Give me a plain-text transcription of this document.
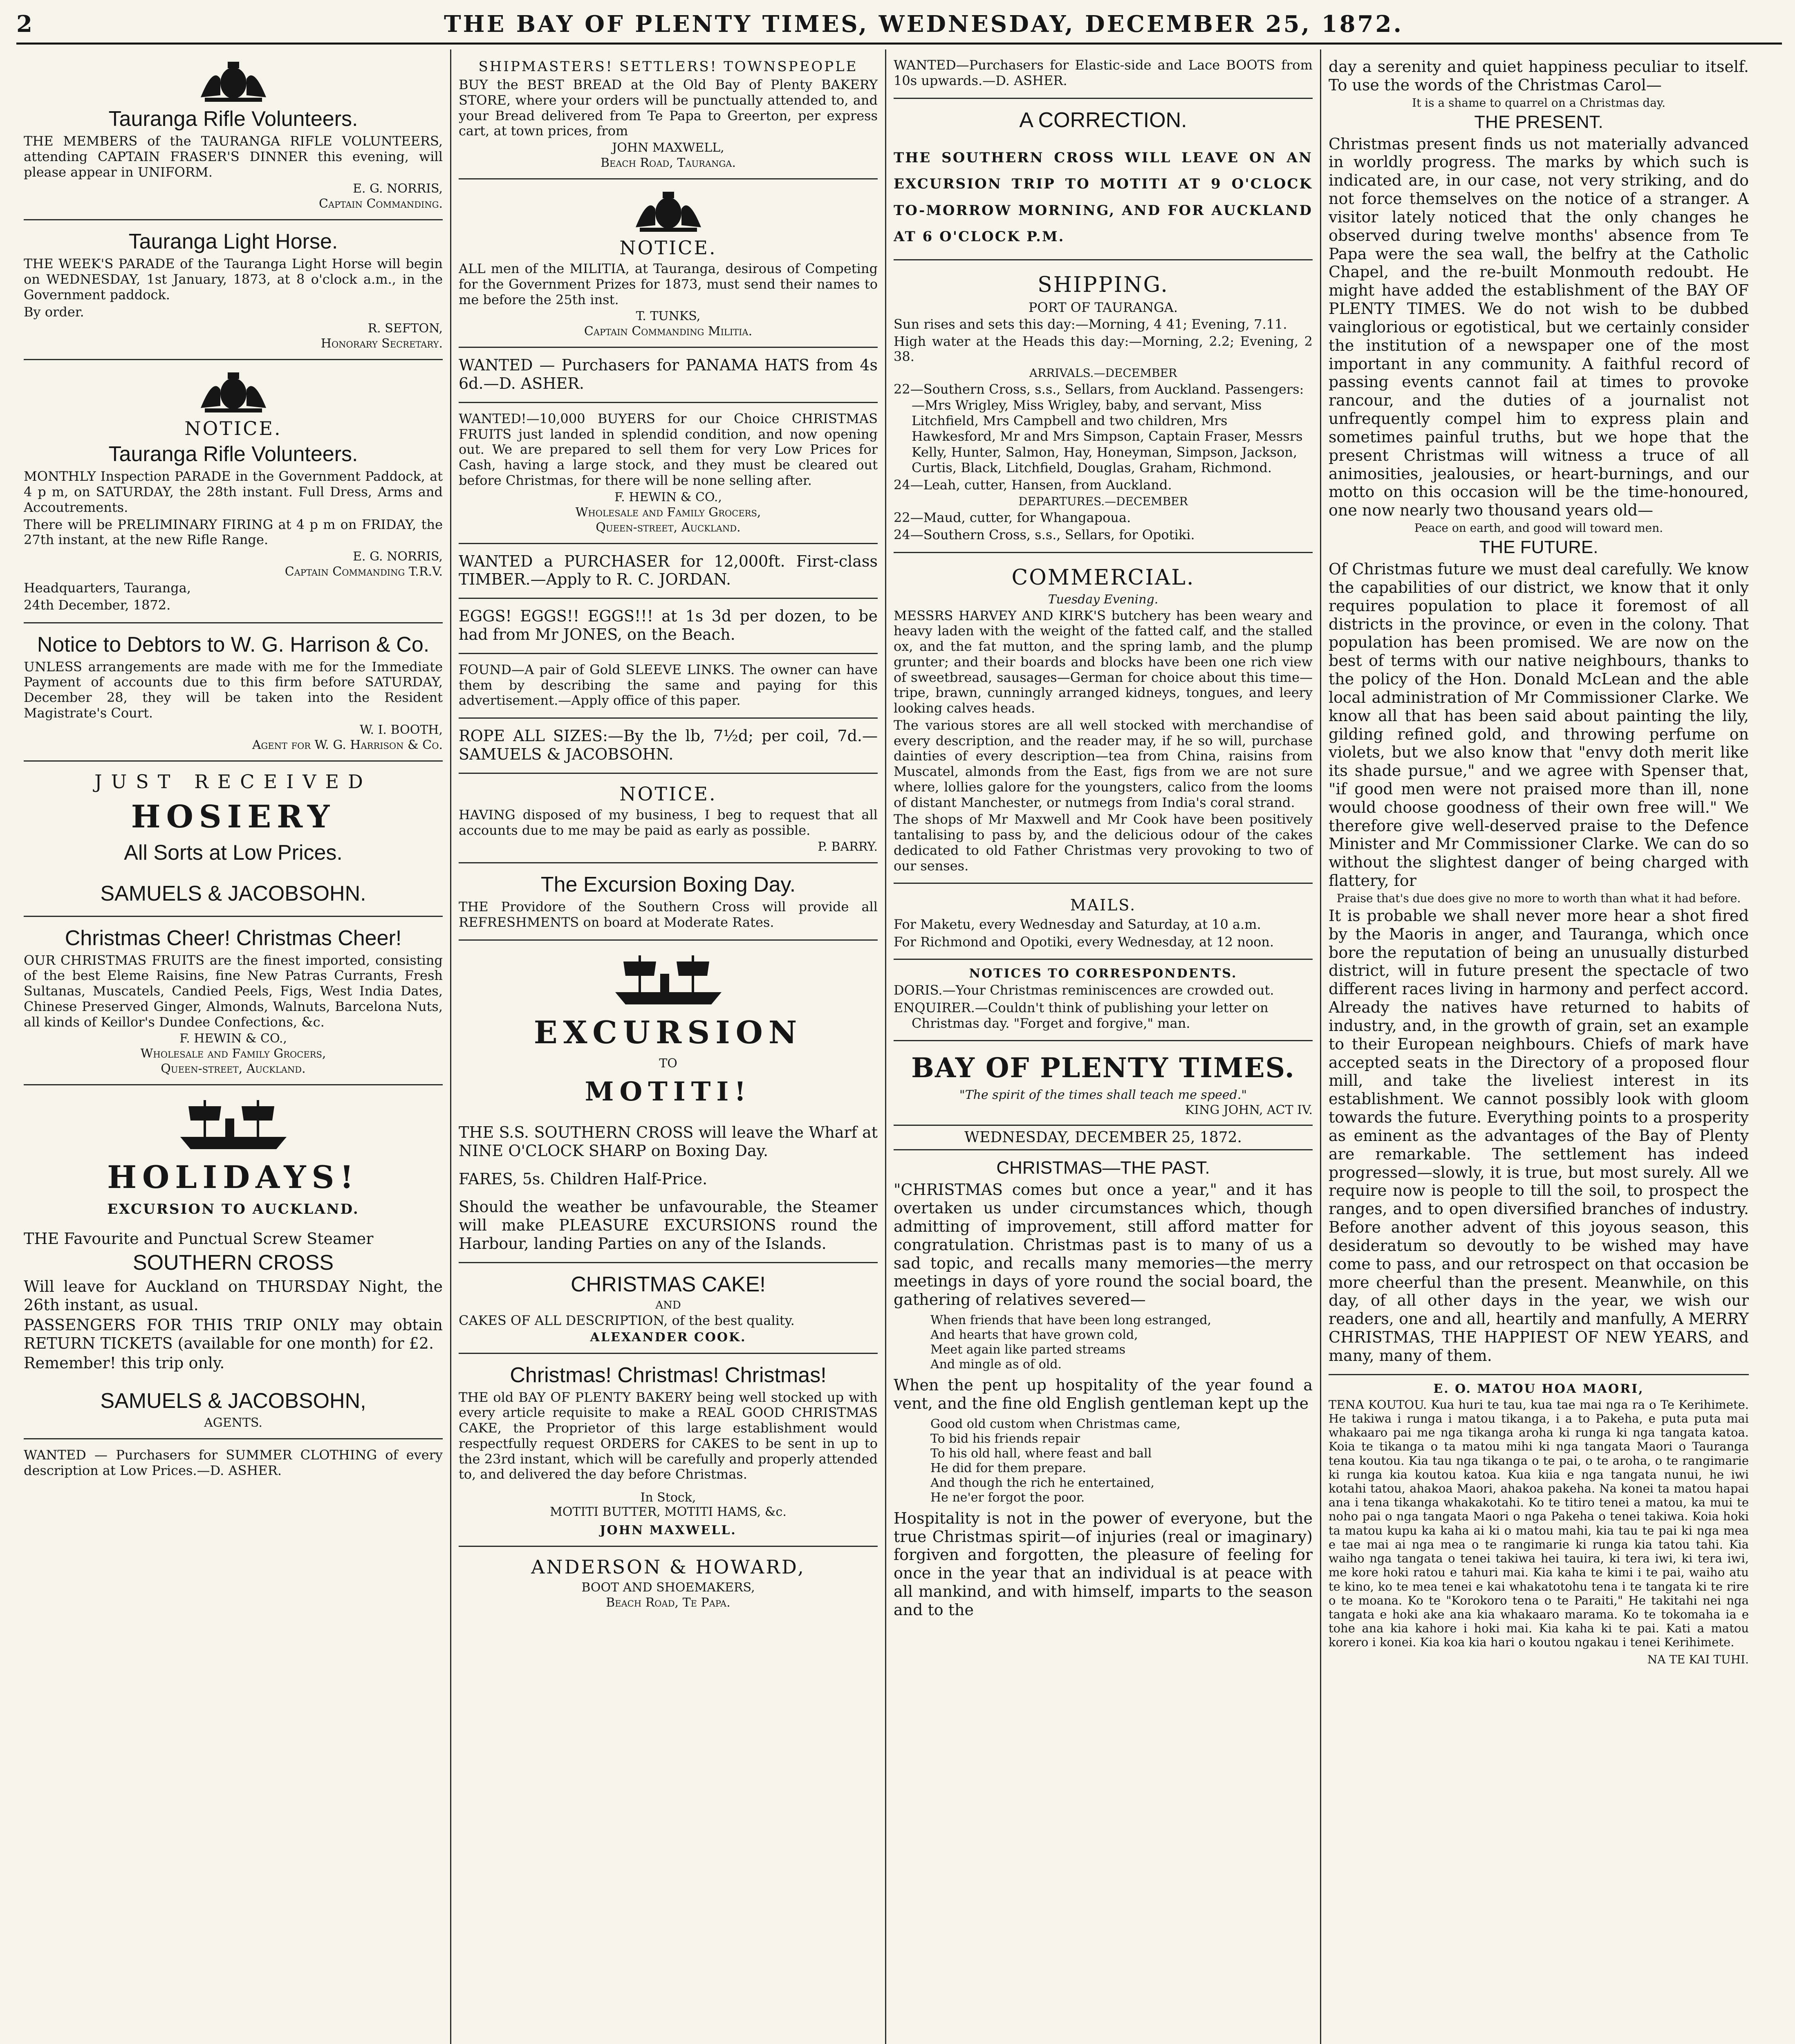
2	THE BAY OF PLENTY TIMES, WEDNESDAY, DECEMBER 25, 1872.
Tauranga Rifle Volunteers.
THE MEMBERS of the TAURANGA RIFLE VOLUNTEERS, attending CAPTAIN FRASER'S DINNER this evening, will please appear in UNIFORM.
E. G. NORRIS,
Captain Commanding.
Tauranga Light Horse.
THE WEEK'S PARADE of the Tauranga Light Horse will begin on WEDNESDAY, 1st January, 1873, at 8 o'clock a.m., in the Government paddock.
By order.
R. SEFTON,
Honorary Secretary.
NOTICE.
Tauranga Rifle Volunteers.
MONTHLY Inspection PARADE in the Government Paddock, at 4 p m, on SATURDAY, the 28th instant. Full Dress, Arms and Accoutrements.
There will be PRELIMINARY FIRING at 4 p m on FRIDAY, the 27th instant, at the new Rifle Range.
E. G. NORRIS,
Captain Commanding T.R.V.
Headquarters, Tauranga,
24th December, 1872.
Notice to Debtors to W. G. Harrison & Co.
UNLESS arrangements are made with me for the Immediate Payment of accounts due to this firm before SATURDAY, December 28, they will be taken into the Resident Magistrate's Court.
W. I. BOOTH,
Agent for W. G. Harrison & Co.
JUST RECEIVED
HOSIERY
All Sorts at Low Prices.
SAMUELS & JACOBSOHN.
Christmas Cheer! Christmas Cheer!
OUR CHRISTMAS FRUITS are the finest imported, consisting of the best Eleme Raisins, fine New Patras Currants, Fresh Sultanas, Muscatels, Candied Peels, Figs, West India Dates, Chinese Preserved Ginger, Almonds, Walnuts, Barcelona Nuts, all kinds of Keillor's Dundee Confections, &c.
F. HEWIN & CO.,
Wholesale and Family Grocers,
Queen-street, Auckland.
HOLIDAYS!
EXCURSION TO AUCKLAND.
THE Favourite and Punctual Screw Steamer
SOUTHERN CROSS
Will leave for Auckland on THURSDAY Night, the 26th instant, as usual.
PASSENGERS FOR THIS TRIP ONLY may obtain RETURN TICKETS (available for one month) for £2.
Remember! this trip only.
SAMUELS & JACOBSOHN,
AGENTS.
WANTED — Purchasers for SUMMER CLOTHING of every description at Low Prices.—D. ASHER.
SHIPMASTERS! SETTLERS! TOWNSPEOPLE
BUY the BEST BREAD at the Old Bay of Plenty BAKERY STORE, where your orders will be punctually attended to, and your Bread delivered from Te Papa to Greerton, per express cart, at town prices, from
JOHN MAXWELL,
Beach Road, Tauranga.
NOTICE.
ALL men of the MILITIA, at Tauranga, desirous of Competing for the Government Prizes for 1873, must send their names to me before the 25th inst.
T. TUNKS,
Captain Commanding Militia.
WANTED — Purchasers for PANAMA HATS from 4s 6d.—D. ASHER.
WANTED!—10,000 BUYERS for our Choice CHRISTMAS FRUITS just landed in splendid condition, and now opening out. We are prepared to sell them for very Low Prices for Cash, having a large stock, and they must be cleared out before Christmas, for there will be none selling after.
F. HEWIN & CO.,
Wholesale and Family Grocers,
Queen-street, Auckland.
WANTED a PURCHASER for 12,000ft. First-class TIMBER.—Apply to R. C. JORDAN.
EGGS! EGGS!! EGGS!!! at 1s 3d per dozen, to be had from Mr JONES, on the Beach.
FOUND—A pair of Gold SLEEVE LINKS. The owner can have them by describing the same and paying for this advertisement.—Apply office of this paper.
ROPE ALL SIZES:—By the lb, 7½d; per coil, 7d.—SAMUELS & JACOBSOHN.
NOTICE.
HAVING disposed of my business, I beg to request that all accounts due to me may be paid as early as possible.
P. BARRY.
The Excursion Boxing Day.
THE Providore of the Southern Cross will provide all REFRESHMENTS on board at Moderate Rates.
EXCURSION
TO
MOTITI!
THE S.S. SOUTHERN CROSS will leave the Wharf at NINE O'CLOCK SHARP on Boxing Day.
FARES, 5s. Children Half-Price.
Should the weather be unfavourable, the Steamer will make PLEASURE EXCURSIONS round the Harbour, landing Parties on any of the Islands.
CHRISTMAS CAKE!
AND
CAKES OF ALL DESCRIPTION, of the best quality.
ALEXANDER COOK.
Christmas! Christmas! Christmas!
THE old BAY OF PLENTY BAKERY being well stocked up with every article requisite to make a REAL GOOD CHRISTMAS CAKE, the Proprietor of this large establishment would respectfully request ORDERS for CAKES to be sent in up to the 23rd instant, which will be carefully and properly attended to, and delivered the day before Christmas.
In Stock,
MOTITI BUTTER, MOTITI HAMS, &c.
JOHN MAXWELL.
ANDERSON & HOWARD,
BOOT AND SHOEMAKERS,
Beach Road, Te Papa.
WANTED—Purchasers for Elastic-side and Lace BOOTS from 10s upwards.—D. ASHER.
A CORRECTION.
THE SOUTHERN CROSS WILL LEAVE ON AN EXCURSION TRIP TO MOTITI AT 9 O'CLOCK TO-MORROW MORNING, AND FOR AUCKLAND AT 6 O'CLOCK P.M.
SHIPPING.
PORT OF TAURANGA.
Sun rises and sets this day:—Morning, 4 41; Evening, 7.11.
High water at the Heads this day:—Morning, 2.2; Evening, 2 38.
ARRIVALS.—DECEMBER
22—Southern Cross, s.s., Sellars, from Auckland. Passengers:—Mrs Wrigley, Miss Wrigley, baby, and servant, Miss Litchfield, Mrs Campbell and two children, Mrs Hawkesford, Mr and Mrs Simpson, Captain Fraser, Messrs Kelly, Hunter, Salmon, Hay, Honeyman, Simpson, Jackson, Curtis, Black, Litchfield, Douglas, Graham, Richmond.
24—Leah, cutter, Hansen, from Auckland.
DEPARTURES.—DECEMBER
22—Maud, cutter, for Whangapoua.
24—Southern Cross, s.s., Sellars, for Opotiki.
COMMERCIAL.
Tuesday Evening.
MESSRS HARVEY AND KIRK'S butchery has been weary and heavy laden with the weight of the fatted calf, and the stalled ox, and the fat mutton, and the spring lamb, and the plump grunter; and their boards and blocks have been one rich view of sweetbread, sausages—German for choice about this time—tripe, brawn, cunningly arranged kidneys, tongues, and leery looking calves heads.
The various stores are all well stocked with merchandise of every description, and the reader may, if he so will, purchase dainties of every description—tea from China, raisins from Muscatel, almonds from the East, figs from we are not sure where, lollies galore for the youngsters, calico from the looms of distant Manchester, or nutmegs from India's coral strand.
The shops of Mr Maxwell and Mr Cook have been positively tantalising to pass by, and the delicious odour of the cakes dedicated to old Father Christmas very provoking to two of our senses.
MAILS.
For Maketu, every Wednesday and Saturday, at 10 a.m.
For Richmond and Opotiki, every Wednesday, at 12 noon.
NOTICES TO CORRESPONDENTS.
DORIS.—Your Christmas reminiscences are crowded out.
ENQUIRER.—Couldn't think of publishing your letter on Christmas day. "Forget and forgive," man.
BAY OF PLENTY TIMES.
"The spirit of the times shall teach me speed."
KING JOHN, ACT IV.
WEDNESDAY, DECEMBER 25, 1872.
CHRISTMAS—THE PAST.
"CHRISTMAS comes but once a year," and it has overtaken us under circumstances which, though admitting of improvement, still afford matter for congratulation. Christmas past is to many of us a sad topic, and recalls many memories—the merry meetings in days of yore round the social board, the gathering of relatives severed—
When friends that have been long estranged,
And hearts that have grown cold,
Meet again like parted streams
And mingle as of old.
When the pent up hospitality of the year found a vent, and the fine old English gentleman kept up the
Good old custom when Christmas came,
To bid his friends repair
To his old hall, where feast and ball
He did for them prepare.
And though the rich he entertained,
He ne'er forgot the poor.
Hospitality is not in the power of everyone, but the true Christmas spirit—of injuries (real or imaginary) forgiven and forgotten, the pleasure of feeling for once in the year that an individual is at peace with all mankind, and with himself, imparts to the season and to the
day a serenity and quiet happiness peculiar to itself. To use the words of the Christmas Carol—
It is a shame to quarrel on a Christmas day.
THE PRESENT.
Christmas present finds us not materially advanced in worldly progress. The marks by which such is indicated are, in our case, not very striking, and do not force themselves on the notice of a stranger. A visitor lately noticed that the only changes he observed during twelve months' absence from Te Papa were the sea wall, the belfry at the Catholic Chapel, and the re-built Monmouth redoubt. He might have added the establishment of the BAY OF PLENTY TIMES. We do not wish to be dubbed vainglorious or egotistical, but we certainly consider the institution of a newspaper one of the most important in any community. A faithful record of passing events cannot fail at times to provoke rancour, and the duties of a journalist not unfrequently compel him to express plain and sometimes painful truths, but we hope that the present Christmas will witness a truce of all animosities, jealousies, or heart-burnings, and our motto on this occasion will be the time-honoured, one now nearly two thousand years old—
Peace on earth, and good will toward men.
THE FUTURE.
Of Christmas future we must deal carefully. We know the capabilities of our district, we know that it only requires population to place it foremost of all districts in the province, or even in the colony. That population has been promised. We are now on the best of terms with our native neighbours, thanks to the policy of the Hon. Donald McLean and the able local administration of Mr Commissioner Clarke. We know all that has been said about painting the lily, gilding refined gold, and throwing perfume on violets, but we also know that "envy doth merit like its shade pursue," and we agree with Spenser that, "if good men were not praised more than ill, none would choose goodness of their own free will." We therefore give well-deserved praise to the Defence Minister and Mr Commissioner Clarke. We can do so without the slightest danger of being charged with flattery, for
Praise that's due does give no more to worth than what it had before.
It is probable we shall never more hear a shot fired by the Maoris in anger, and Tauranga, which once bore the reputation of being an unusually disturbed district, will in future present the spectacle of two different races living in harmony and perfect accord. Already the natives have returned to habits of industry, and, in the growth of grain, set an example to their European neighbours. Chiefs of mark have accepted seats in the Directory of a proposed flour mill, and take the liveliest interest in its establishment. We cannot possibly look with gloom towards the future. Everything points to a prosperity as eminent as the advantages of the Bay of Plenty are remarkable. The settlement has indeed progressed—slowly, it is true, but most surely. All we require now is people to till the soil, to prospect the ranges, and to open diversified branches of industry. Before another advent of this joyous season, this desideratum so devoutly to be wished may have come to pass, and our retrospect on that occasion be more cheerful than the present. Meanwhile, on this day, of all other days in the year, we wish our readers, one and all, heartily and manfully, A MERRY CHRISTMAS, THE HAPPIEST OF NEW YEARS, and many, many of them.
E. O. MATOU HOA MAORI,
TENA KOUTOU. Kua huri te tau, kua tae mai nga ra o Te Kerihimete. He takiwa i runga i matou tikanga, i a to Pakeha, e puta puta mai whakaaro pai me nga tikanga aroha ki runga ki nga tangata katoa. Koia te tikanga o ta matou mihi ki nga tangata Maori o Tauranga tena koutou. Kia tau nga tikanga o te pai, o te aroha, o te rangimarie ki runga kia koutou katoa. Kua kiia e nga tangata nunui, he iwi kotahi tatou, ahakoa Maori, ahakoa pakeha. Na konei ta matou hapai ana i tena tikanga whakakotahi. Ko te titiro tenei a matou, ka mui te noho pai o nga tangata Maori o nga Pakeha o tenei takiwa. Koia hoki ta matou kupu ka kaha ai ki o matou mahi, kia tau te pai ki nga mea e tae mai ai nga mea o te rangimarie ki runga kia tatou tahi. Kia waiho nga tangata o tenei takiwa hei tauira, ki tera iwi, ki tera iwi, me kore hoki ratou e tahuri mai. Kia kaha te kimi i te pai, waiho atu te kino, ko te mea tenei e kai whakatotohu tena i te tangata ki te rire o te moana. Ko te "Korokoro tena o te Paraiti," He takitahi nei nga tangata e hoki ake ana kia whakaaro marama. Ko te tokomaha ia e tohe ana kia kahore i hoki mai. Kia kaha ki te pai. Kati a matou korero i konei. Kia koa kia hari o koutou ngakau i tenei Kerihimete.
NA TE KAI TUHI.
